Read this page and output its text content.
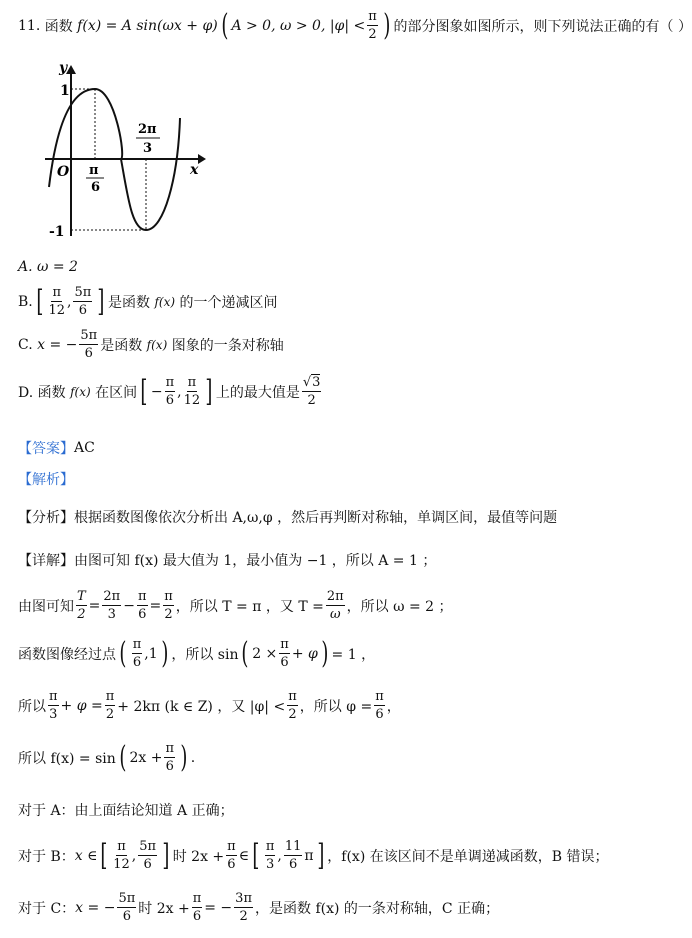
11.
函数
f(x) = A sin(ωx + φ) ( A > 0, ω > 0, $|\varphi| < \frac{\pi}{2}$ ) 的部分图象如图所示，则下列说法正确的有（ ）
y
x
O
1
-1
π
6
2π
3
A. ω = 2
B. [ $\frac{\pi}{12}$ , $\frac{5\pi}{6}$ ] 是函数
f(x)
的一个递减区间
C.
x = − $\frac{5\pi}{6}$ 是函数
f(x)
图象的一条对称轴
D. 函数
f(x)
在区间 [ − $\frac{\pi}{6}$ , $\frac{\pi}{12}$ ] 上的最大值是 $\frac{√3}{2}$
【答案】 AC
【解析】
【分析】 根据函数图像依次分析出 A,ω,φ ，然后再判断对称轴，单调区间，最值等问题
【详解】 由图可知 f(x) 最大值为 1，最小值为 −1 ，所以 A = 1 ；
由图可知 $\frac{T}{2} = \frac{2\pi}{3} - \frac{\pi}{6} = \frac{\pi}{2}$ ，所以 T = π ，又 $T = \frac{2\pi}{\omega}$ ，所以 ω = 2 ；
函数图像经过点 ( $\frac{\pi}{6} ,1$ ) ，所以 sin ( $2 \times \frac{\pi}{6} + \varphi$ ) = 1 ，
所以 $\frac{\pi}{3} + \varphi = \frac{\pi}{2} + 2k\pi$ (k ∈ Z) ，又 $|\varphi| < \frac{\pi}{2}$ ，所以 $\varphi = \frac{\pi}{6}$ ，
所以 f(x) = sin ( $2x + \frac{\pi}{6}$ ) .
对于 A：由上面结论知道 A 正确；
对于 B： x ∈ [ $\frac{\pi}{12}$ , $\frac{5\pi}{6}$ ] 时 $2x + \frac{\pi}{6}$ ∈ [ $\frac{\pi}{3}$ , $\frac{11}{6}$ π ] ，f(x) 在该区间不是单调递减函数，B 错误；
对于 C： x = − $\frac{5\pi}{6}$ 时 $2x + \frac{\pi}{6}$ = − $\frac{3\pi}{2}$ ，是函数 f(x) 的一条对称轴，C 正确；
